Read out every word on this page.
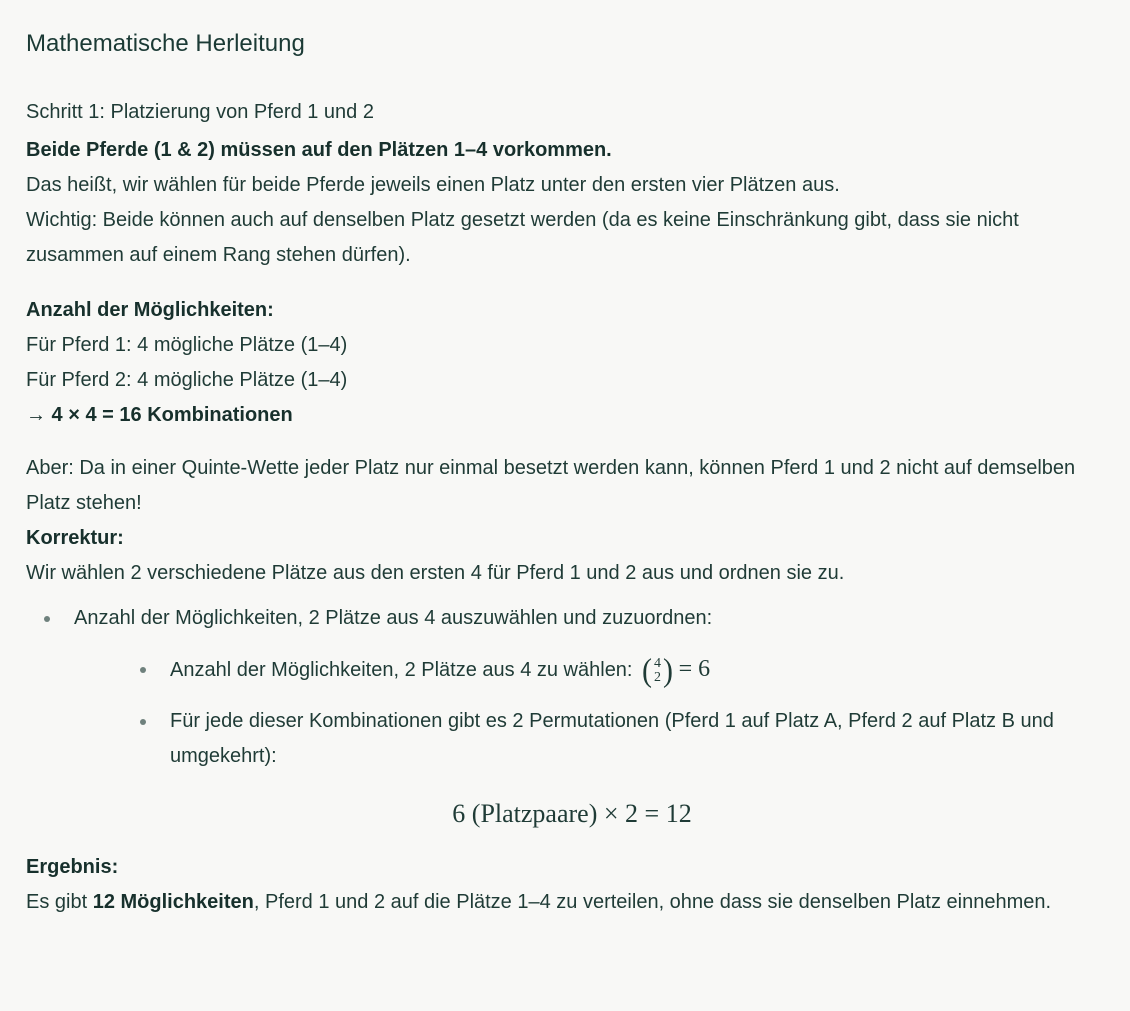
Mathematische Herleitung
Schritt 1: Platzierung von Pferd 1 und 2

Beide Pferde (1 & 2) müssen auf den Plätzen 1–4 vorkommen.

Das heißt, wir wählen für beide Pferde jeweils einen Platz unter den ersten vier Plätzen aus.

Wichtig: Beide können auch auf denselben Platz gesetzt werden (da es keine Einschränkung gibt, dass sie nicht zusammen auf einem Rang stehen dürfen).

Anzahl der Möglichkeiten:

Für Pferd 1: 4 mögliche Plätze (1–4)

Für Pferd 2: 4 mögliche Plätze (1–4)

→ 4 × 4 = 16 Kombinationen

Aber: Da in einer Quinte-Wette jeder Platz nur einmal besetzt werden kann, können Pferd 1 und 2 nicht auf demselben Platz stehen!

Korrektur:

Wir wählen 2 verschiedene Plätze aus den ersten 4 für Pferd 1 und 2 aus und ordnen sie zu.

Anzahl der Möglichkeiten, 2 Plätze aus 4 auszuwählen und zuzuordnen:
Anzahl der Möglichkeiten, 2 Plätze aus 4 zu wählen: ( 4
2 ) = 6
Für jede dieser Kombinationen gibt es 2 Permutationen (Pferd 1 auf Platz A, Pferd 2 auf Platz B und umgekehrt):
6 (Platzpaare) × 2 = 12

Ergebnis:

Es gibt 12 Möglichkeiten, Pferd 1 und 2 auf die Plätze 1–4 zu verteilen, ohne dass sie denselben Platz einnehmen.
